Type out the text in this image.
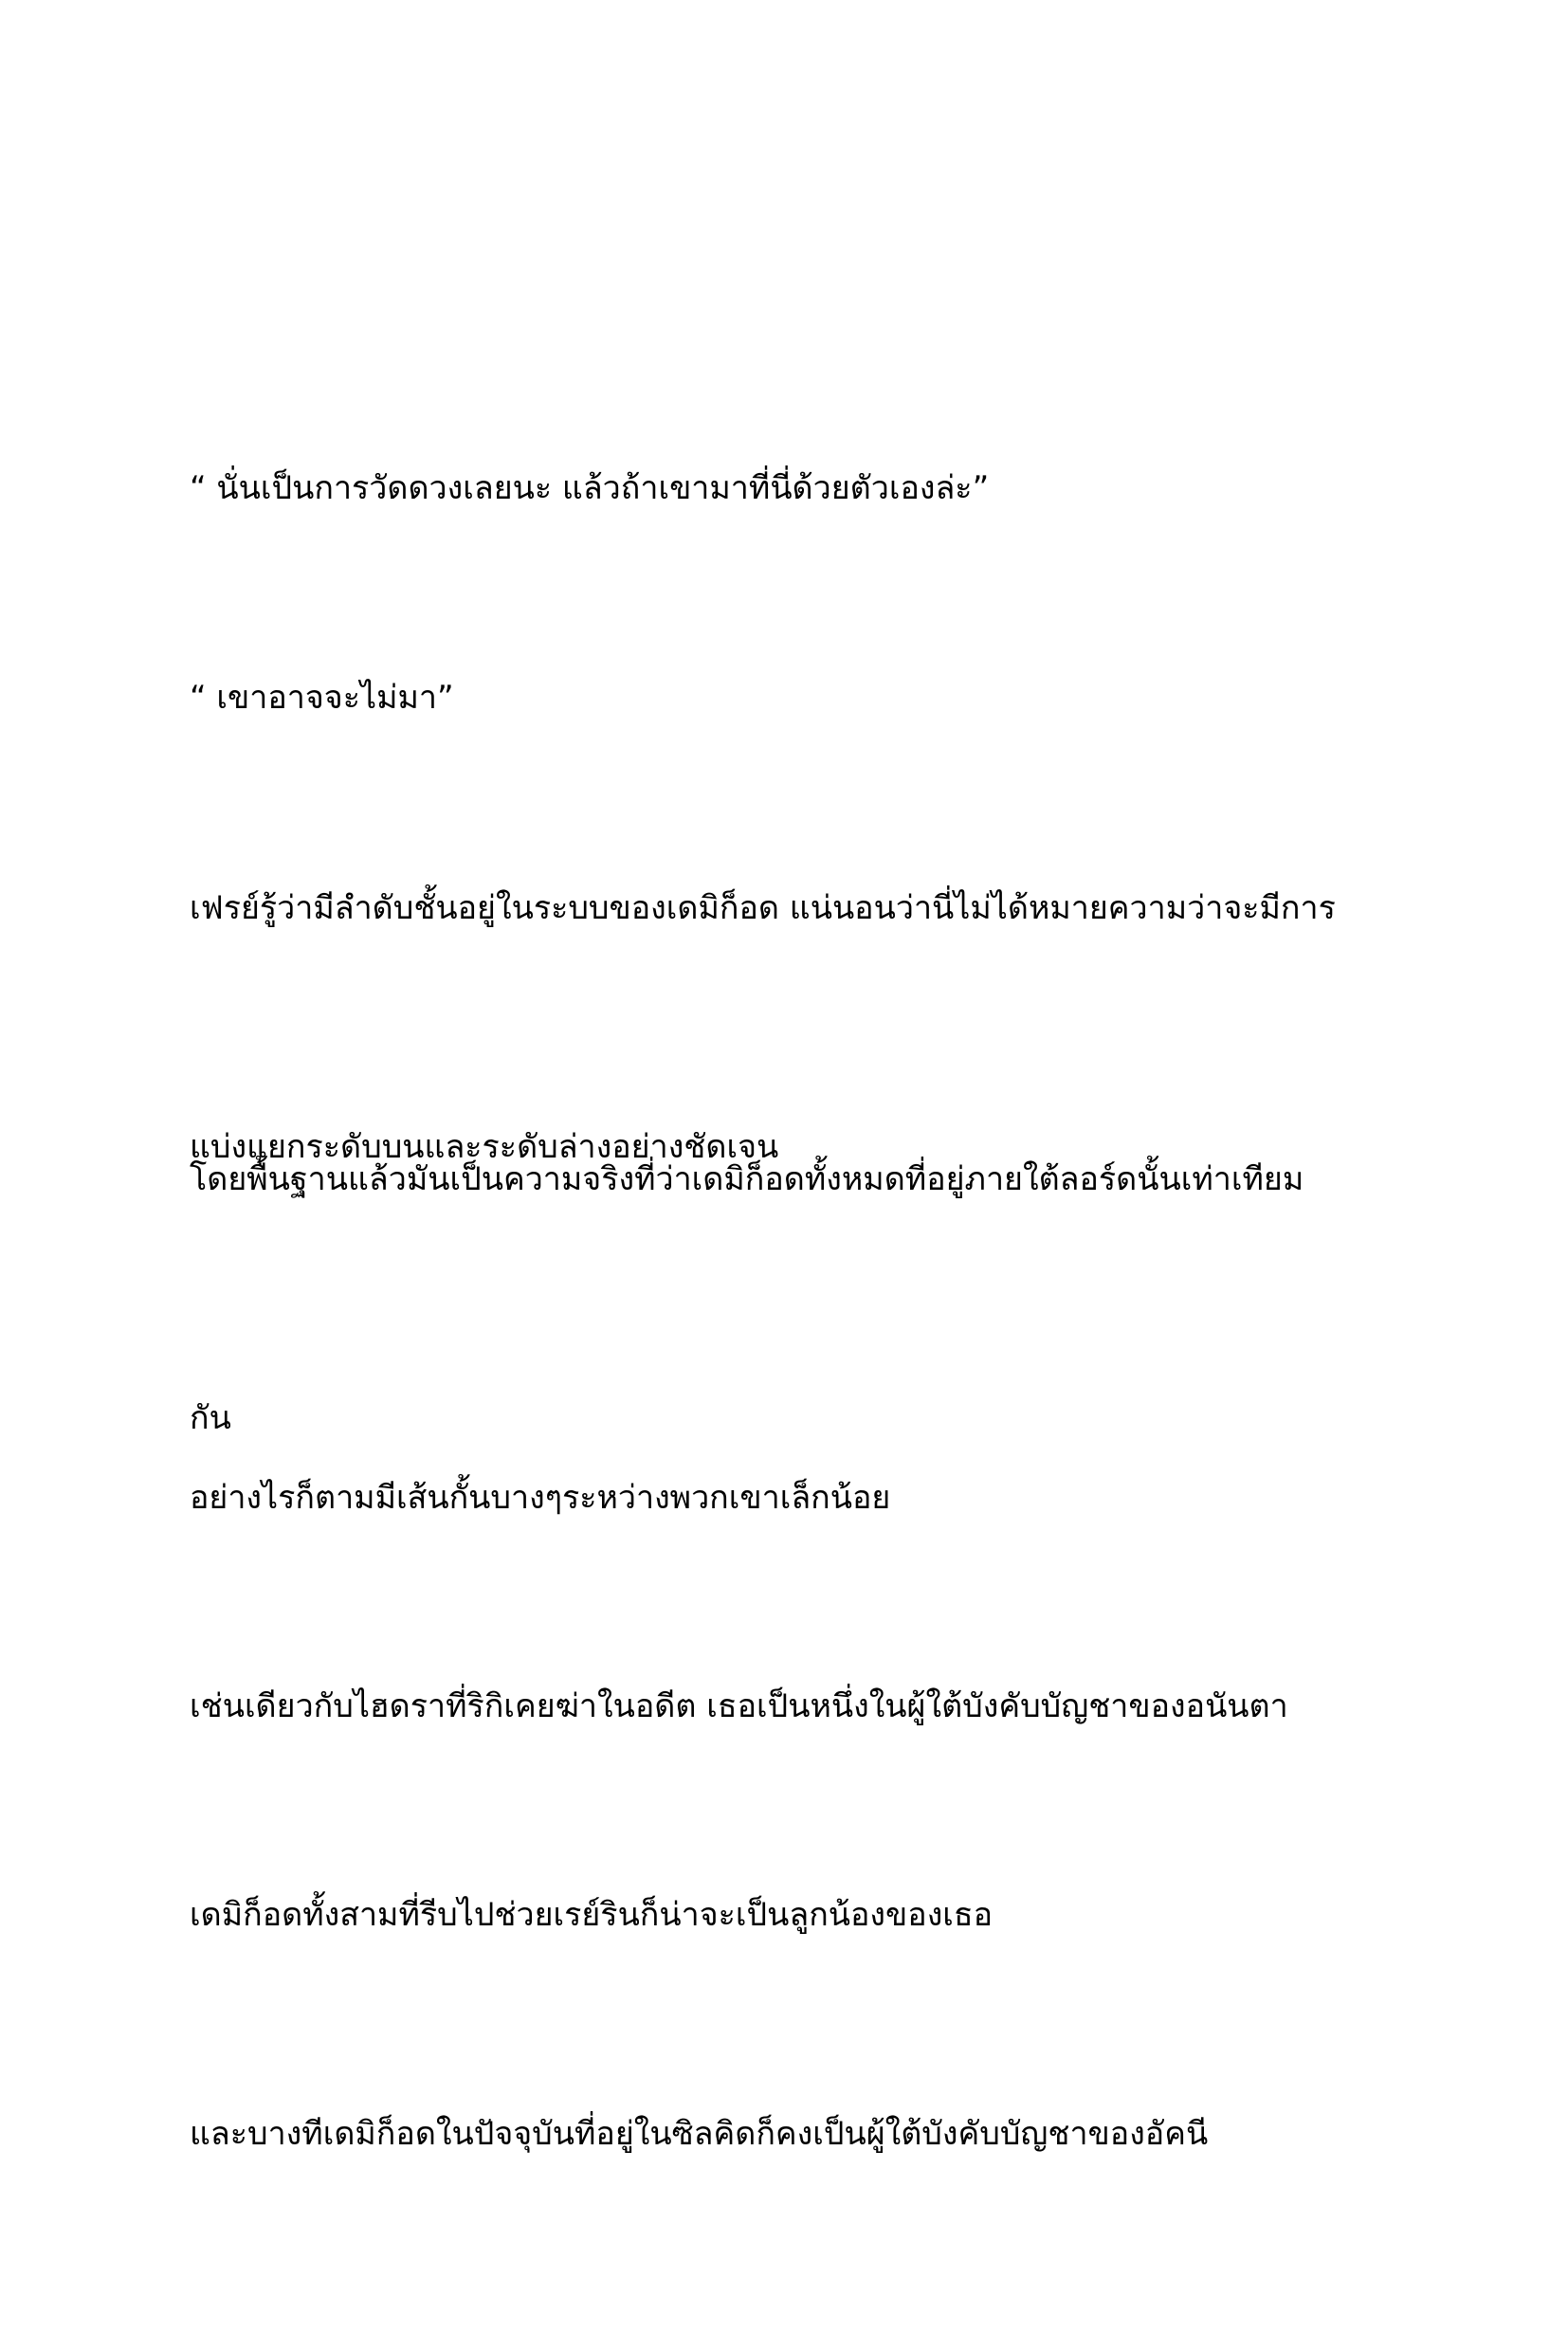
“ นั่นเป็นการวัดดวงเลยนะ แล้วถ้าเขามาที่นี่ด้วยตัวเองล่ะ”

“ เขาอาจจะไม่มา”

เฟรย์รู้ว่ามีลำดับชั้นอยู่ในระบบของเดมิก็อด แน่นอนว่านี่ไม่ได้หมายความว่าจะมีการ

แบ่งแยกระดับบนและระดับล่างอย่างชัดเจน

โดยพื้นฐานแล้วมันเป็นความจริงที่ว่าเดมิก็อดทั้งหมดที่อยู่ภายใต้ลอร์ดนั้นเท่าเทียม

กัน

อย่างไรก็ตามมีเส้นกั้นบางๆระหว่างพวกเขาเล็กน้อย

เช่นเดียวกับไฮดราที่ริกิเคยฆ่าในอดีต เธอเป็นหนึ่งในผู้ใต้บังคับบัญชาของอนันตา

เดมิก็อดทั้งสามที่รีบไปช่วยเรย์รินก็น่าจะเป็นลูกน้องของเธอ

และบางทีเดมิก็อดในปัจจุบันที่อยู่ในซิลคิดก็คงเป็นผู้ใต้บังคับบัญชาของอัคนี
